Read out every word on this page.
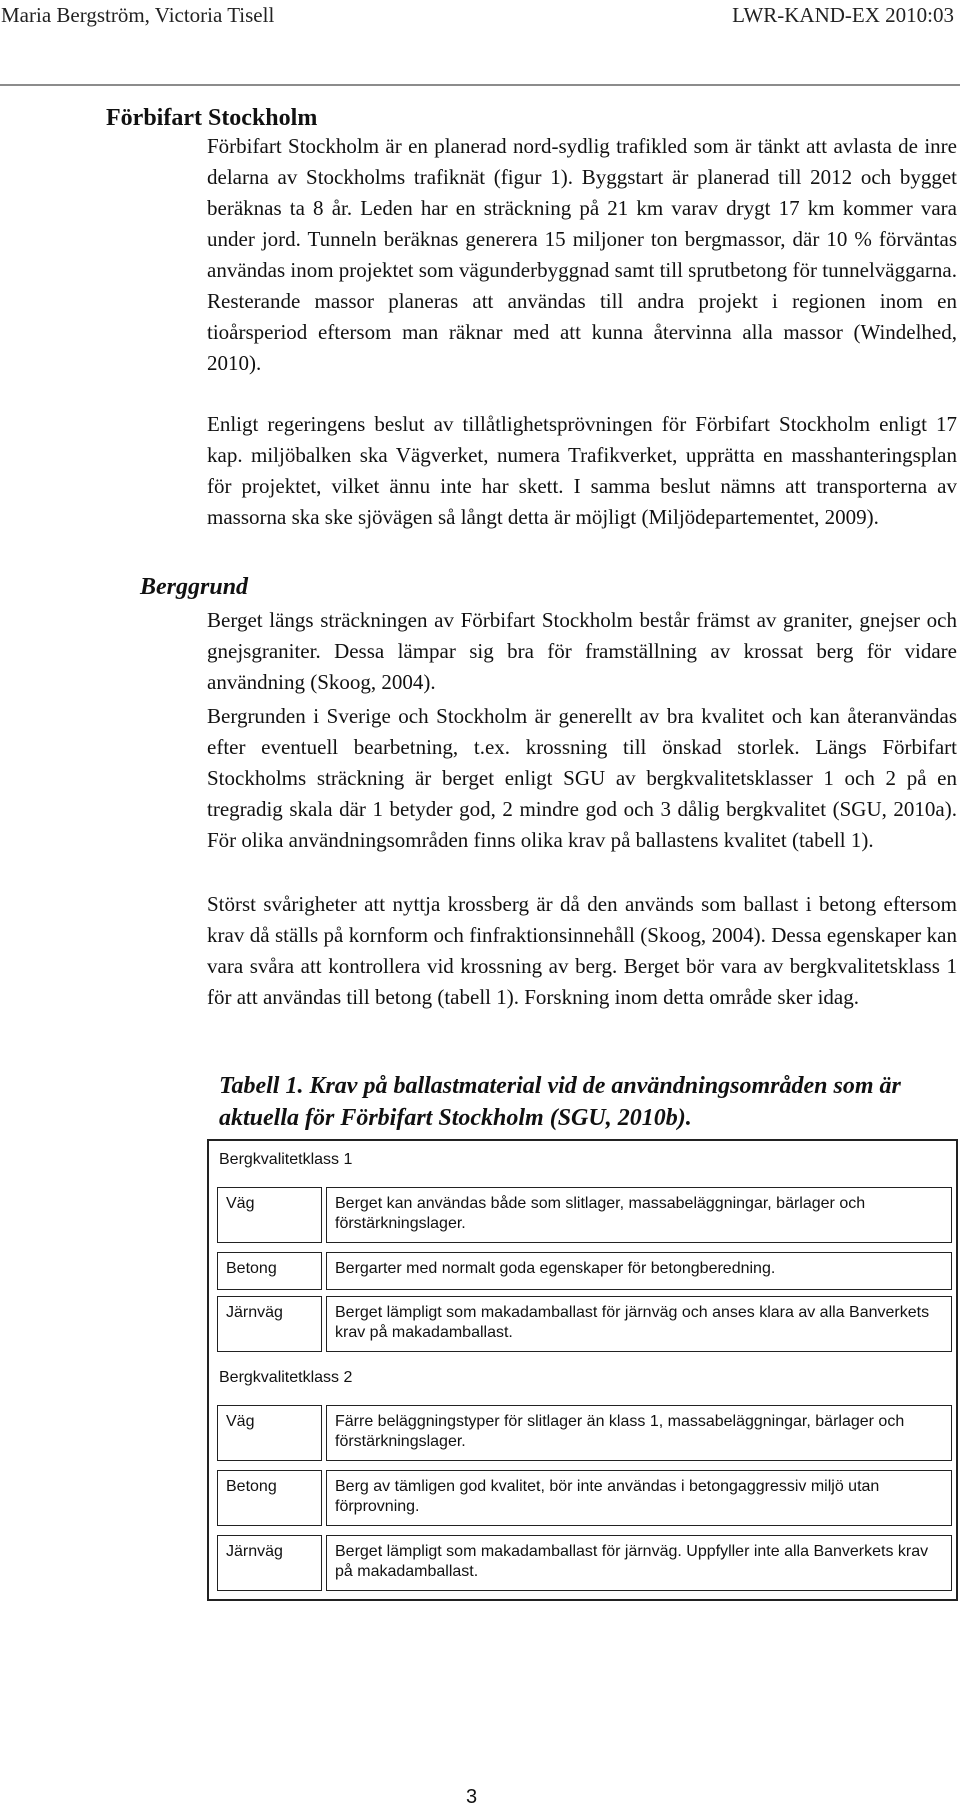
Maria Bergström, Victoria Tisell	LWR-KAND-EX 2010:03
Förbifart Stockholm

Förbifart Stockholm är en planerad nord-sydlig trafikled som är tänkt att avlasta de inre delarna av Stockholms trafiknät (figur 1). Byggstart är planerad till 2012 och bygget beräknas ta 8 år. Leden har en sträckning på 21 km varav drygt 17 km kommer vara under jord. Tunneln beräknas generera 15 miljoner ton bergmassor, där 10 % förväntas användas inom projektet som vägunderbyggnad samt till sprutbetong för tunnelväggarna. Resterande massor planeras att användas till andra projekt i regionen inom en tioårsperiod eftersom man räknar med att kunna återvinna alla massor (Windelhed, 2010).

Enligt regeringens beslut av tillåtlighetsprövningen för Förbifart Stockholm enligt 17 kap. miljöbalken ska Vägverket, numera Trafikverket, upprätta en masshanteringsplan för projektet, vilket ännu inte har skett. I samma beslut nämns att transporterna av massorna ska ske sjövägen så långt detta är möjligt (Miljödepartementet, 2009).

Berggrund

Berget längs sträckningen av Förbifart Stockholm består främst av graniter, gnejser och gnejsgraniter. Dessa lämpar sig bra för framställning av krossat berg för vidare användning (Skoog, 2004).

Bergrunden i Sverige och Stockholm är generellt av bra kvalitet och kan återanvändas efter eventuell bearbetning, t.ex. krossning till önskad storlek. Längs Förbifart Stockholms sträckning är berget enligt SGU av bergkvalitetsklasser 1 och 2 på en tregradig skala där 1 betyder god, 2 mindre god och 3 dålig bergkvalitet (SGU, 2010a). För olika användningsområden finns olika krav på ballastens kvalitet (tabell 1).

Störst svårigheter att nyttja krossberg är då den används som ballast i betong eftersom krav då ställs på kornform och finfraktionsinnehåll (Skoog, 2004). Dessa egenskaper kan vara svåra att kontrollera vid krossning av berg. Berget bör vara av bergkvalitetsklass 1 för att användas till betong (tabell 1). Forskning inom detta område sker idag.

Tabell 1. Krav på ballastmaterial vid de användningsområden som är aktuella för Förbifart Stockholm (SGU, 2010b).
Bergkvalitetklass 1
Väg	Berget kan användas både som slitlager, massabeläggningar, bärlager och förstärkningslager.
Betong	Bergarter med normalt goda egenskaper för betongberedning.
Järnväg	Berget lämpligt som makadamballast för järnväg och anses klara av alla Banverkets krav på makadamballast.
Bergkvalitetklass 2
Väg	Färre beläggningstyper för slitlager än klass 1, massabeläggningar, bärlager och förstärkningslager.
Betong	Berg av tämligen god kvalitet, bör inte användas i betongaggressiv miljö utan förprovning.
Järnväg	Berget lämpligt som makadamballast för järnväg. Uppfyller inte alla Banverkets krav på makadamballast.
3
